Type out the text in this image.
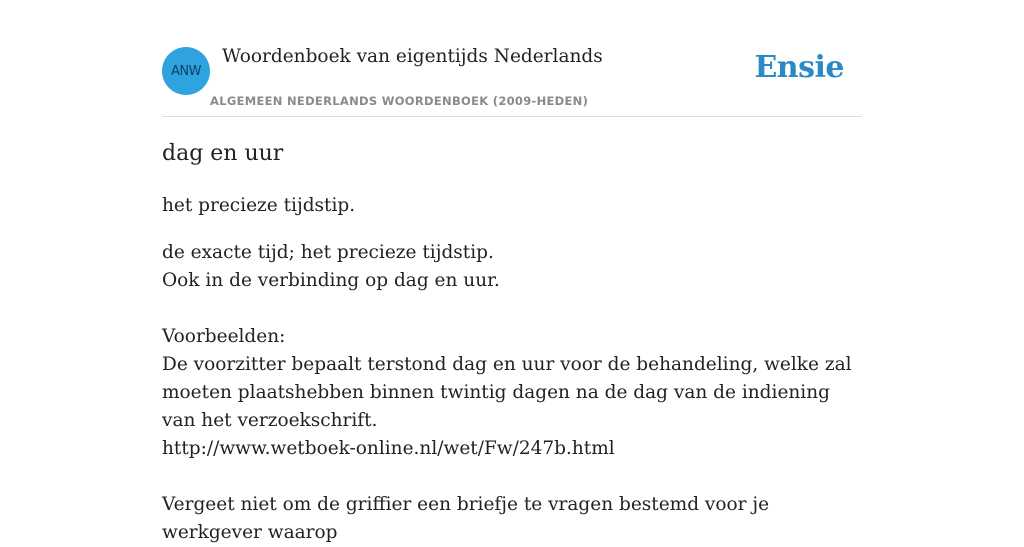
ANW
Woordenboek van eigentijds Nederlands
ALGEMEEN NEDERLANDS WOORDENBOEK (2009-HEDEN)
Ensie
dag en uur

het precieze tijdstip.

de exacte tijd; het precieze tijdstip.
Ook in de verbinding op dag en uur.
Voorbeelden:
De voorzitter bepaalt terstond dag en uur voor de behandeling, welke zal moeten plaatshebben binnen twintig dagen na de dag van de indiening van het verzoekschrift.
http://www.wetboek-online.nl/wet/Fw/247b.html
Vergeet niet om de griffier een briefje te vragen bestemd voor je werkgever waarop
